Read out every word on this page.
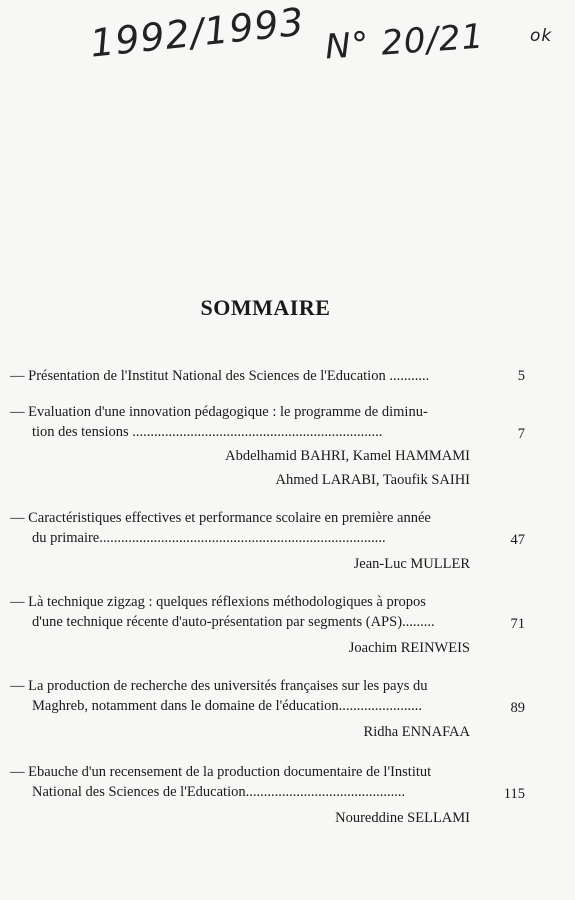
1992/1993 N° 20/21	ok
SOMMAIRE
— Présentation de l'Institut National des Sciences de l'Education ...........	5
— Evaluation d'une innovation pédagogique : le programme de diminu-
tion des tensions .....................................................................	7
Abdelhamid BAHRI, Kamel HAMMAMI
Ahmed LARABI, Taoufik SAIHI
— Caractéristiques effectives et performance scolaire en première année
du primaire...............................................................................	47
Jean-Luc MULLER
— Là technique zigzag : quelques réflexions méthodologiques à propos
d'une technique récente d'auto-présentation par segments (APS).........	71
Joachim REINWEIS
— La production de recherche des universités françaises sur les pays du
Maghreb, notamment dans le domaine de l'éducation.......................	89
Ridha ENNAFAA
— Ebauche d'un recensement de la production documentaire de l'Institut
National des Sciences de l'Education............................................	115
Noureddine SELLAMI
